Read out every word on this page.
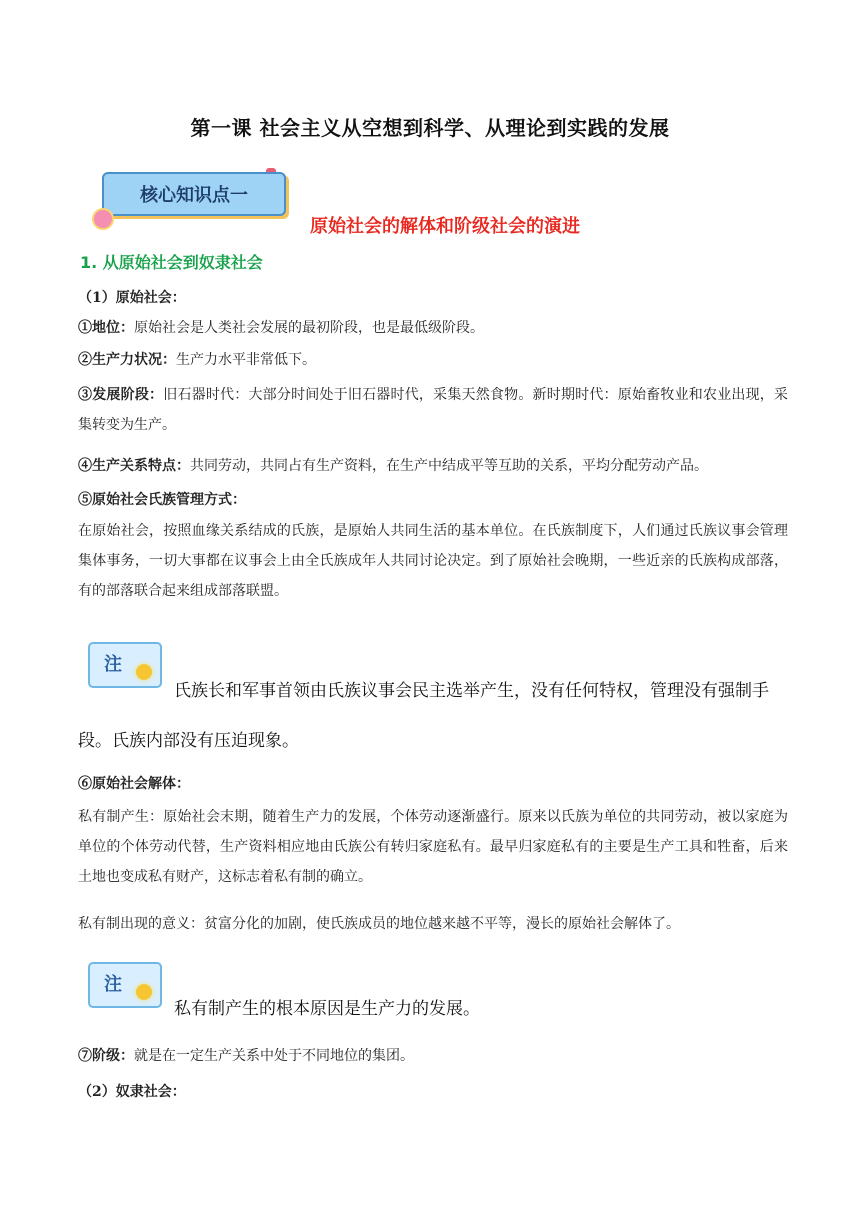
第一课 社会主义从空想到科学、从理论到实践的发展
核心知识点一
原始社会的解体和阶级社会的演进
1. 从原始社会到奴隶社会
（1）原始社会：
①地位：原始社会是人类社会发展的最初阶段，也是最低级阶段。
②生产力状况：生产力水平非常低下。
③发展阶段：旧石器时代：大部分时间处于旧石器时代，采集天然食物。新时期时代：原始畜牧业和农业出现，采集转变为生产。
④生产关系特点：共同劳动，共同占有生产资料，在生产中结成平等互助的关系，平均分配劳动产品。
⑤原始社会氏族管理方式：
在原始社会，按照血缘关系结成的氏族，是原始人共同生活的基本单位。在氏族制度下，人们通过氏族议事会管理集体事务，一切大事都在议事会上由全氏族成年人共同讨论决定。到了原始社会晚期，一些近亲的氏族构成部落，有的部落联合起来组成部落联盟。
注
氏族长和军事首领由氏族议事会民主选举产生，没有任何特权，管理没有强制手
段。氏族内部没有压迫现象。
⑥原始社会解体：
私有制产生：原始社会末期，随着生产力的发展，个体劳动逐渐盛行。原来以氏族为单位的共同劳动，被以家庭为单位的个体劳动代替，生产资料相应地由氏族公有转归家庭私有。最早归家庭私有的主要是生产工具和牲畜，后来土地也变成私有财产，这标志着私有制的确立。
私有制出现的意义：贫富分化的加剧，使氏族成员的地位越来越不平等，漫长的原始社会解体了。
注
私有制产生的根本原因是生产力的发展。
⑦阶级：就是在一定生产关系中处于不同地位的集团。
（2）奴隶社会：
